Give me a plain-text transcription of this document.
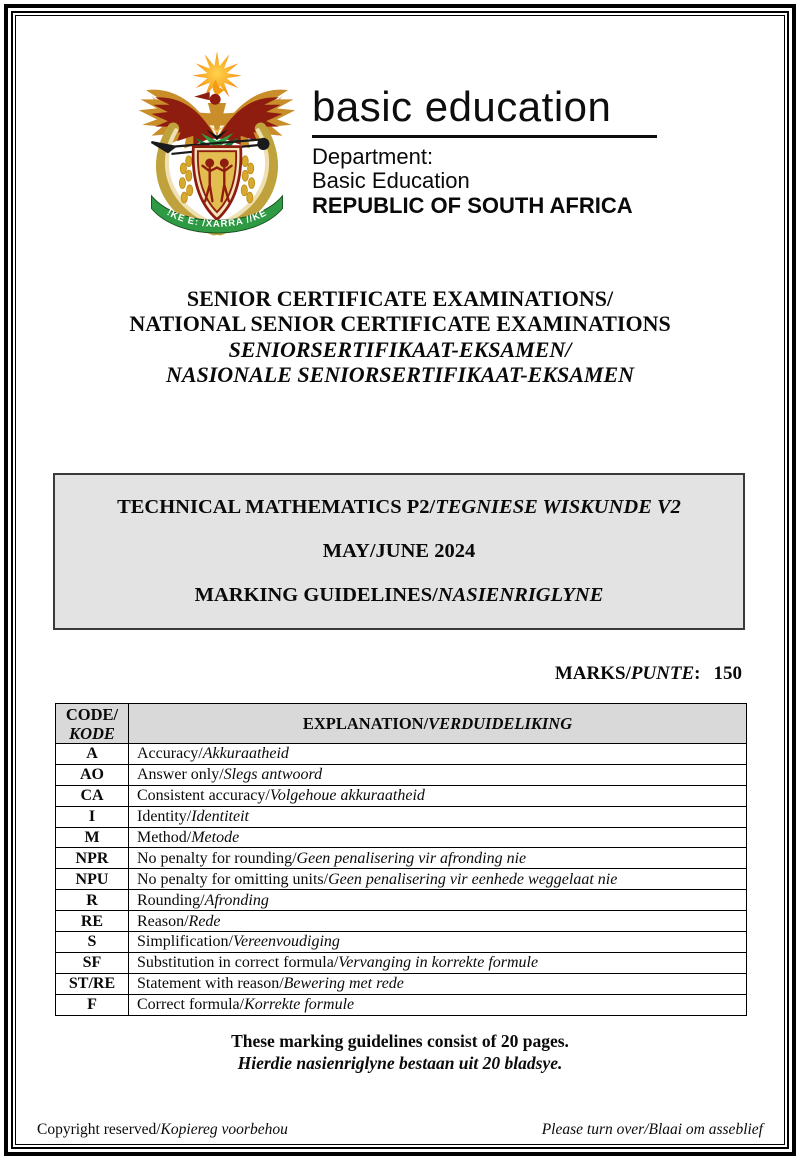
!KE E: /XARRA //KE
basic education
Department:
Basic Education
REPUBLIC OF SOUTH AFRICA
SENIOR CERTIFICATE EXAMINATIONS/
NATIONAL SENIOR CERTIFICATE EXAMINATIONS
SENIORSERTIFIKAAT-EKSAMEN/
NASIONALE SENIORSERTIFIKAAT-EKSAMEN
TECHNICAL MATHEMATICS P2/TEGNIESE WISKUNDE V2
MAY/JUNE 2024
MARKING GUIDELINES/NASIENRIGLYNE
MARKS/PUNTE: 150
CODE/
KODE	EXPLANATION/VERDUIDELIKING
A	Accuracy/Akkuraatheid
AO	Answer only/Slegs antwoord
CA	Consistent accuracy/Volgehoue akkuraatheid
I	Identity/Identiteit
M	Method/Metode
NPR	No penalty for rounding/Geen penalisering vir afronding nie
NPU	No penalty for omitting units/Geen penalisering vir eenhede weggelaat nie
R	Rounding/Afronding
RE	Reason/Rede
S	Simplification/Vereenvoudiging
SF	Substitution in correct formula/Vervanging in korrekte formule
ST/RE	Statement with reason/Bewering met rede
F	Correct formula/Korrekte formule
These marking guidelines consist of 20 pages.
Hierdie nasienriglyne bestaan uit 20 bladsye.
Copyright reserved/Kopiereg voorbehou	Please turn over/Blaai om asseblief
